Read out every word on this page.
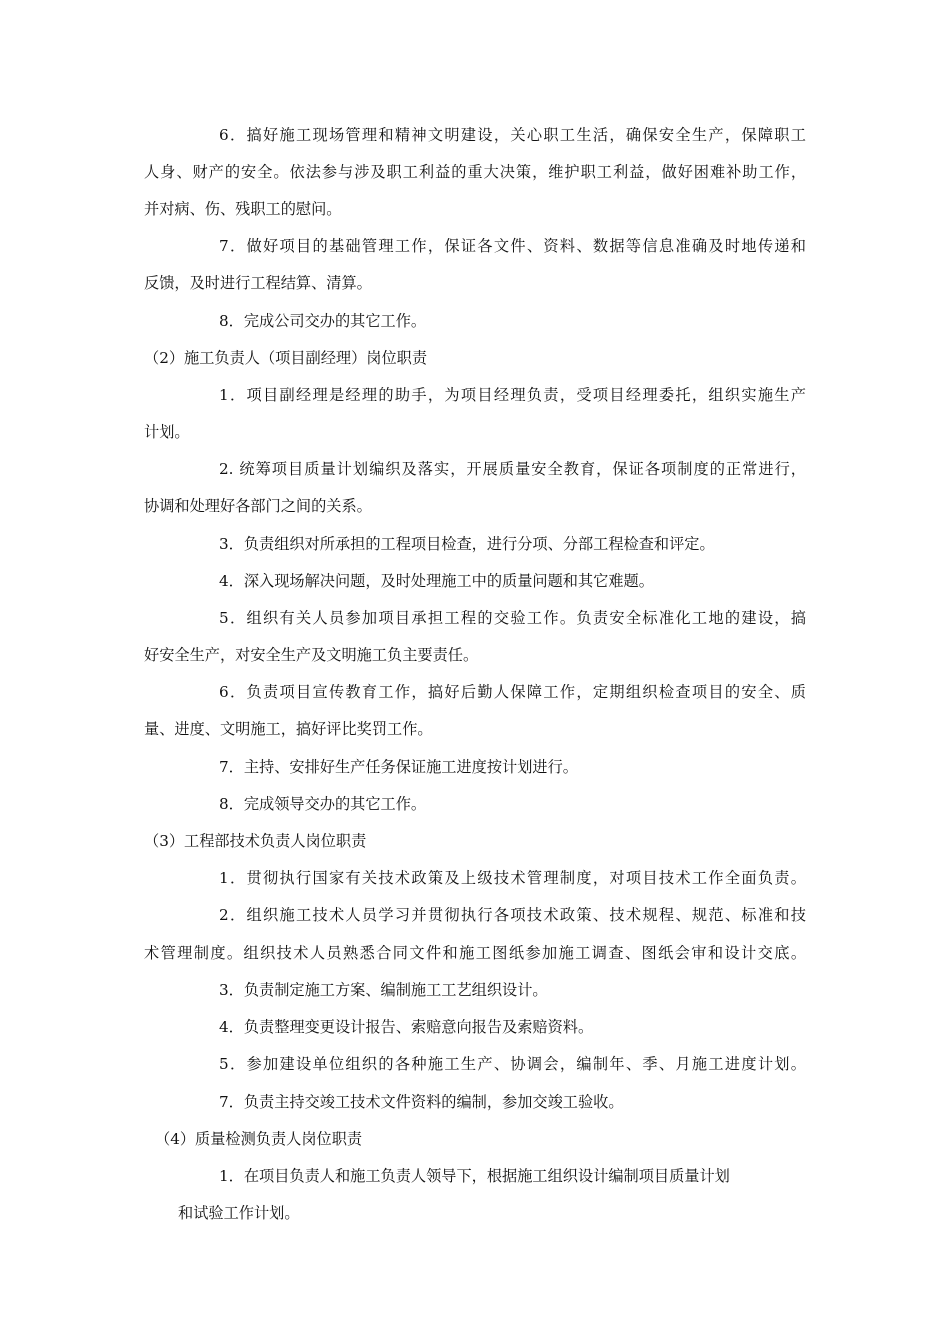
6．搞好施工现场管理和精神文明建设，关心职工生活，确保安全生产，保障职工
人身、财产的安全。依法参与涉及职工利益的重大决策，维护职工利益，做好困难补助工作，
并对病、伤、残职工的慰问。
7．做好项目的基础管理工作，保证各文件、资料、数据等信息准确及时地传递和
反馈，及时进行工程结算、清算。
8．完成公司交办的其它工作。
（2）施工负责人（项目副经理）岗位职责
1．项目副经理是经理的助手，为项目经理负责，受项目经理委托，组织实施生产
计划。
2. 统筹项目质量计划编织及落实，开展质量安全教育，保证各项制度的正常进行，
协调和处理好各部门之间的关系。
3．负责组织对所承担的工程项目检查，进行分项、分部工程检查和评定。
4．深入现场解决问题，及时处理施工中的质量问题和其它难题。
5．组织有关人员参加项目承担工程的交验工作。负责安全标准化工地的建设，搞
好安全生产，对安全生产及文明施工负主要责任。
6．负责项目宣传教育工作，搞好后勤人保障工作，定期组织检查项目的安全、质
量、进度、文明施工，搞好评比奖罚工作。
7．主持、安排好生产任务保证施工进度按计划进行。
8．完成领导交办的其它工作。
（3）工程部技术负责人岗位职责
1．贯彻执行国家有关技术政策及上级技术管理制度，对项目技术工作全面负责。
2．组织施工技术人员学习并贯彻执行各项技术政策、技术规程、规范、标准和技
术管理制度。组织技术人员熟悉合同文件和施工图纸参加施工调查、图纸会审和设计交底。
3．负责制定施工方案、编制施工工艺组织设计。
4．负责整理变更设计报告、索赔意向报告及索赔资料。
5．参加建设单位组织的各种施工生产、协调会，编制年、季、月施工进度计划。
7．负责主持交竣工技术文件资料的编制，参加交竣工验收。
（4）质量检测负责人岗位职责
1．在项目负责人和施工负责人领导下，根据施工组织设计编制项目质量计划
和试验工作计划。
